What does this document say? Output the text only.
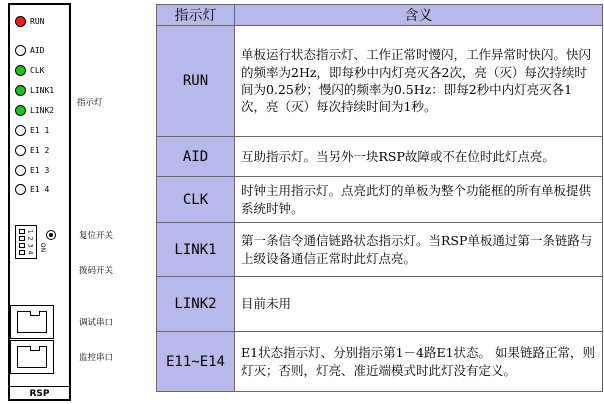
RUN
AID
CLK
LINK1
LINK2
E1 1
E1 2
E1 3
E1 4
1
2
3
4
ON
RSP
指示灯
复位开关
拨码开关
调试串口
监控串口
指示灯	含义
RUN	单板运行状态指示灯、工作正常时慢闪，工作异常时快闪。快闪的频率为2Hz，即每秒中内灯亮灭各2次，亮（灭）每次持续时间为0.25秒；慢闪的频率为0.5Hz：即每2秒中内灯亮灭各1次，亮（灭）每次持续时间为1秒。
AID	互助指示灯。当另外一块RSP故障或不在位时此灯点亮。
CLK	时钟主用指示灯。点亮此灯的单板为整个功能框的所有单板提供系统时钟。
LINK1	第一条信令通信链路状态指示灯。当RSP单板通过第一条链路与上级设备通信正常时此灯点亮。
LINK2	目前未用
E11~E14	E1状态指示灯、分别指示第1－4路E1状态。 如果链路正常，则灯灭；否则，灯亮、准近端模式时此灯没有定义。
